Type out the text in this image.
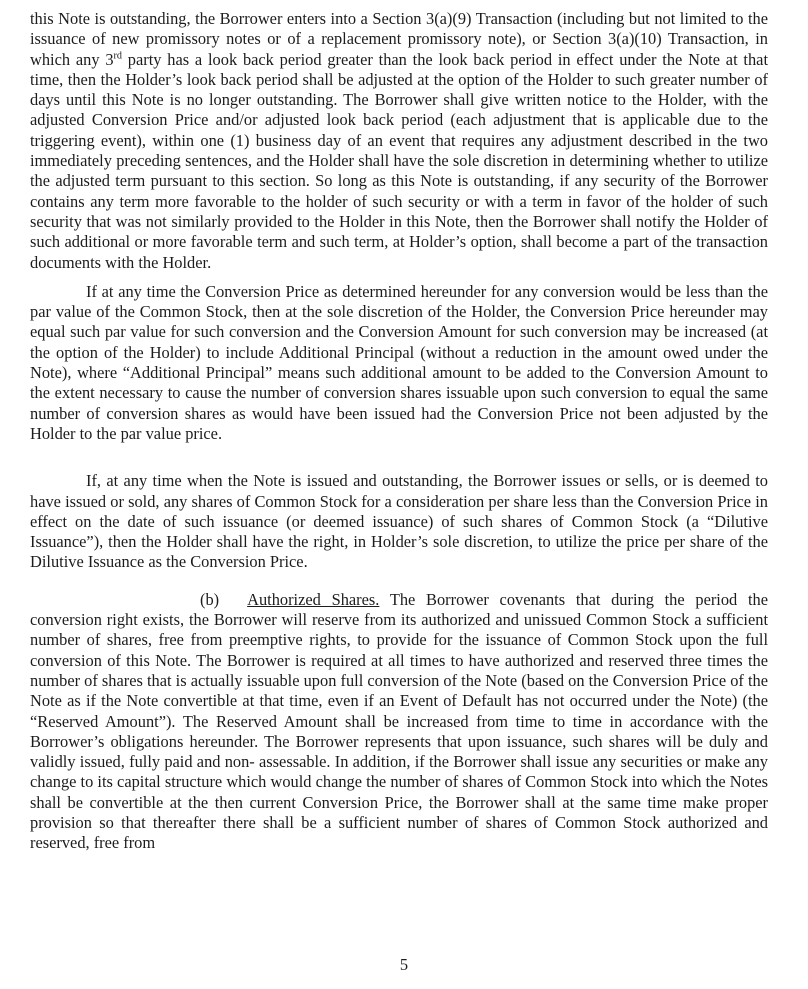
this Note is outstanding, the Borrower enters into a Section 3(a)(9) Transaction (including but not limited to the issuance of new promissory notes or of a replacement promissory note), or Section 3(a)(10) Transaction, in which any 3rd party has a look back period greater than the look back period in effect under the Note at that time, then the Holder’s look back period shall be adjusted at the option of the Holder to such greater number of days until this Note is no longer outstanding. The Borrower shall give written notice to the Holder, with the adjusted Conversion Price and/or adjusted look back period (each adjustment that is applicable due to the triggering event), within one (1) business day of an event that requires any adjustment described in the two immediately preceding sentences, and the Holder shall have the sole discretion in determining whether to utilize the adjusted term pursuant to this section. So long as this Note is outstanding, if any security of the Borrower contains any term more favorable to the holder of such security or with a term in favor of the holder of such security that was not similarly provided to the Holder in this Note, then the Borrower shall notify the Holder of such additional or more favorable term and such term, at Holder’s option, shall become a part of the transaction documents with the Holder.

If at any time the Conversion Price as determined hereunder for any conversion would be less than the par value of the Common Stock, then at the sole discretion of the Holder, the Conversion Price hereunder may equal such par value for such conversion and the Conversion Amount for such conversion may be increased (at the option of the Holder) to include Additional Principal (without a reduction in the amount owed under the Note), where “Additional Principal” means such additional amount to be added to the Conversion Amount to the extent necessary to cause the number of conversion shares issuable upon such conversion to equal the same number of conversion shares as would have been issued had the Conversion Price not been adjusted by the Holder to the par value price.

If, at any time when the Note is issued and outstanding, the Borrower issues or sells, or is deemed to have issued or sold, any shares of Common Stock for a consideration per share less than the Conversion Price in effect on the date of such issuance (or deemed issuance) of such shares of Common Stock (a “Dilutive Issuance”), then the Holder shall have the right, in Holder’s sole discretion, to utilize the price per share of the Dilutive Issuance as the Conversion Price.

(b) Authorized Shares. The Borrower covenants that during the period the conversion right exists, the Borrower will reserve from its authorized and unissued Common Stock a sufficient number of shares, free from preemptive rights, to provide for the issuance of Common Stock upon the full conversion of this Note. The Borrower is required at all times to have authorized and reserved three times the number of shares that is actually issuable upon full conversion of the Note (based on the Conversion Price of the Note as if the Note convertible at that time, even if an Event of Default has not occurred under the Note) (the “Reserved Amount”). The Reserved Amount shall be increased from time to time in accordance with the Borrower’s obligations hereunder. The Borrower represents that upon issuance, such shares will be duly and validly issued, fully paid and non- assessable. In addition, if the Borrower shall issue any securities or make any change to its capital structure which would change the number of shares of Common Stock into which the Notes shall be convertible at the then current Conversion Price, the Borrower shall at the same time make proper provision so that thereafter there shall be a sufficient number of shares of Common Stock authorized and reserved, free from

5
